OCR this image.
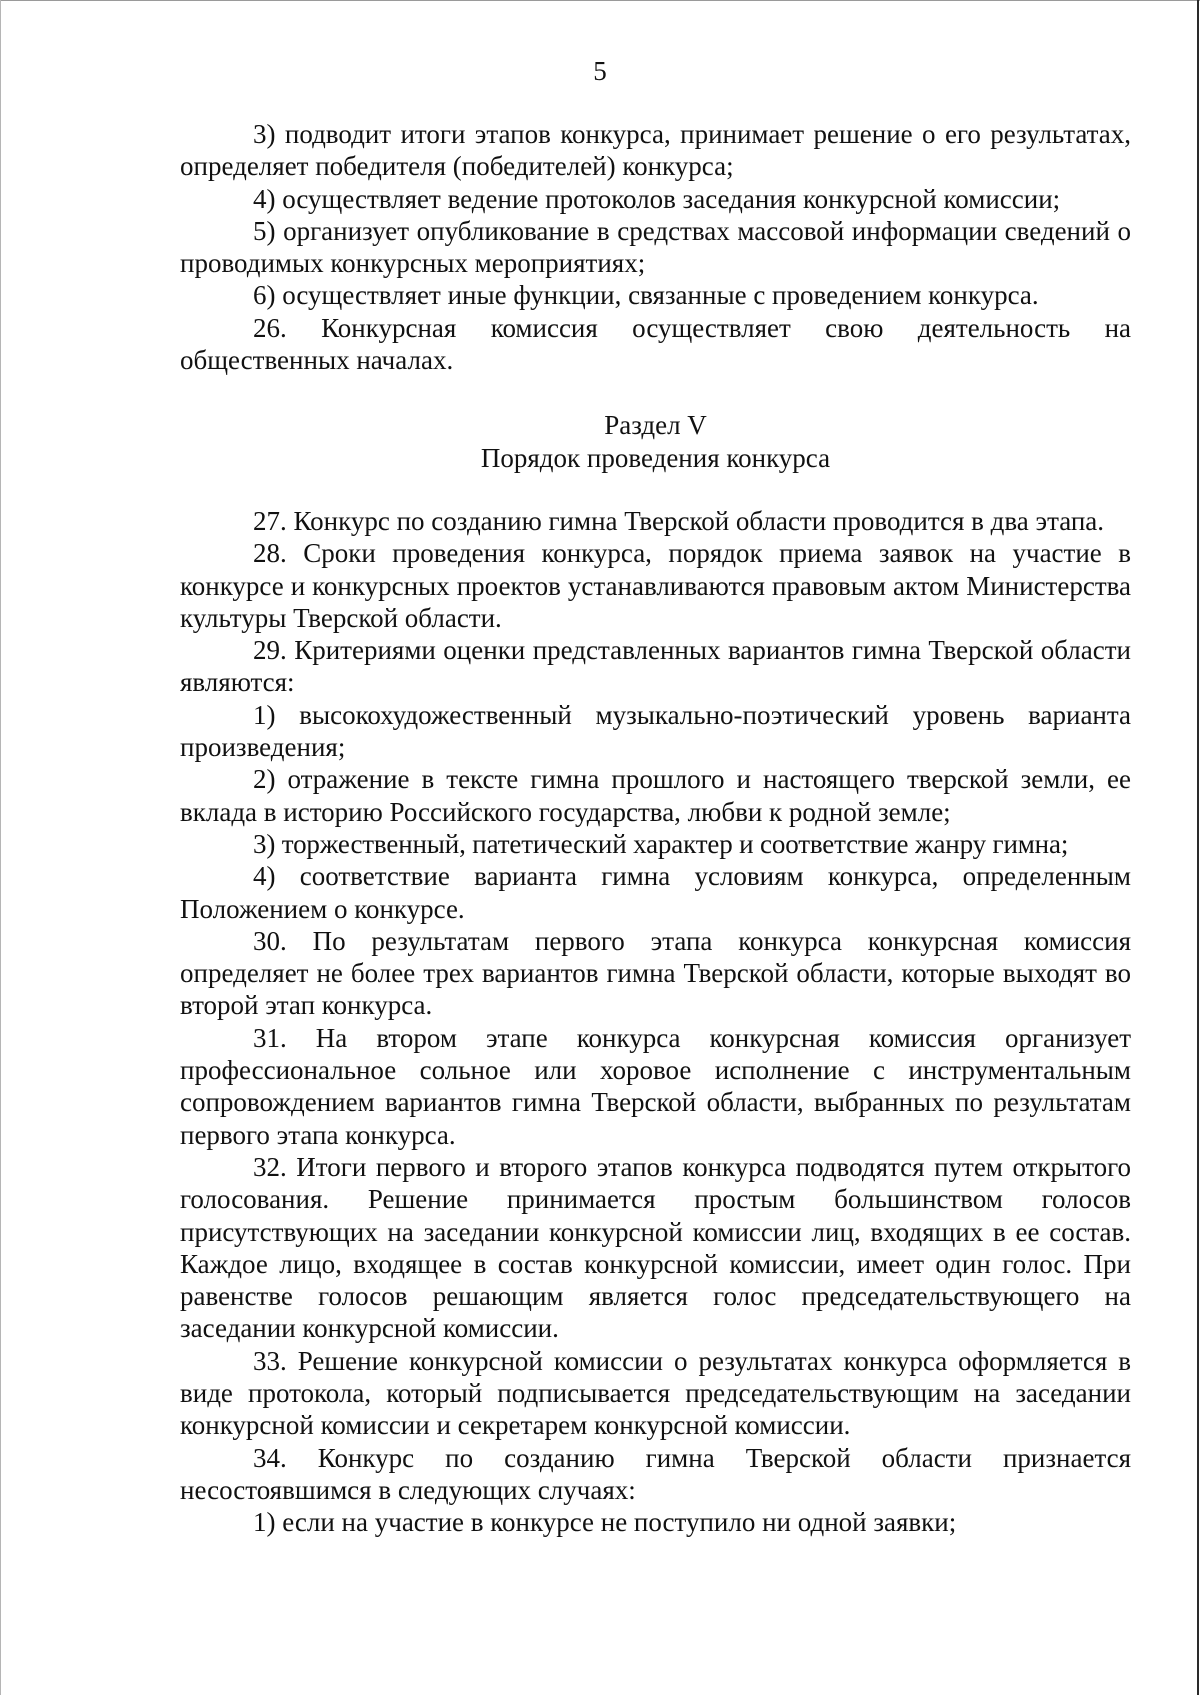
5

3) подводит итоги этапов конкурса, принимает решение о его результатах, определяет победителя (победителей) конкурса;

4) осуществляет ведение протоколов заседания конкурсной комиссии;

5) организует опубликование в средствах массовой информации сведений о проводимых конкурсных мероприятиях;

6) осуществляет иные функции, связанные с проведением конкурса.

26. Конкурсная комиссия осуществляет свою деятельность на общественных началах.

Раздел V
Порядок проведения конкурса

27. Конкурс по созданию гимна Тверской области проводится в два этапа.

28. Сроки проведения конкурса, порядок приема заявок на участие в конкурсе и конкурсных проектов устанавливаются правовым актом Министерства культуры Тверской области.

29. Критериями оценки представленных вариантов гимна Тверской области являются:

1) высокохудожественный музыкально-поэтический уровень варианта произведения;

2) отражение в тексте гимна прошлого и настоящего тверской земли, ее вклада в историю Российского государства, любви к родной земле;

3) торжественный, патетический характер и соответствие жанру гимна;

4) соответствие варианта гимна условиям конкурса, определенным Положением о конкурсе.

30. По результатам первого этапа конкурса конкурсная комиссия определяет не более трех вариантов гимна Тверской области, которые выходят во второй этап конкурса.

31. На втором этапе конкурса конкурсная комиссия организует профессиональное сольное или хоровое исполнение с инструментальным сопровождением вариантов гимна Тверской области, выбранных по результатам первого этапа конкурса.

32. Итоги первого и второго этапов конкурса подводятся путем открытого голосования. Решение принимается простым большинством голосов присутствующих на заседании конкурсной комиссии лиц, входящих в ее состав. Каждое лицо, входящее в состав конкурсной комиссии, имеет один голос. При равенстве голосов решающим является голос председательствующего на заседании конкурсной комиссии.

33. Решение конкурсной комиссии о результатах конкурса оформляется в виде протокола, который подписывается председательствующим на заседании конкурсной комиссии и секретарем конкурсной комиссии.

34. Конкурс по созданию гимна Тверской области признается несостоявшимся в следующих случаях:

1) если на участие в конкурсе не поступило ни одной заявки;
